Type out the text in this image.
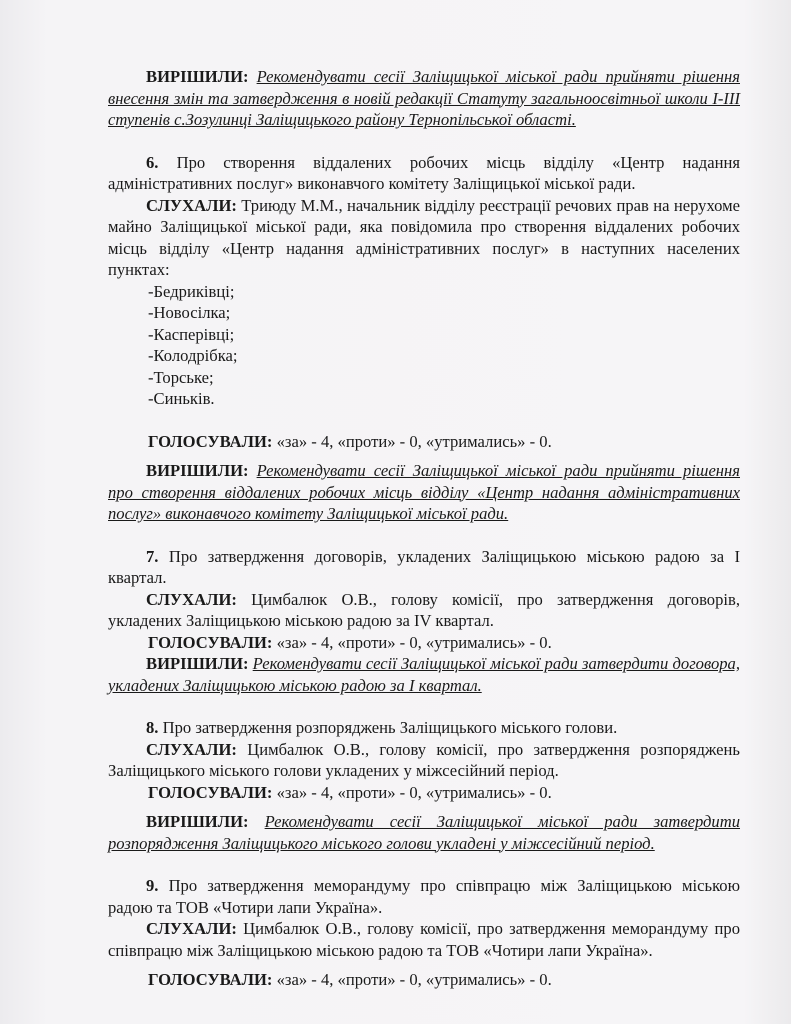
ВИРІШИЛИ: Рекомендувати сесії Заліщицької міської ради прийняти рішення внесення змін та затвердження в новій редакції Статуту загальноосвітньої школи І-ІІІ ступенів с.Зозулинці Заліщицького району Тернопільської області.

6. Про створення віддалених робочих місць відділу «Центр надання адміністративних послуг» виконавчого комітету Заліщицької міської ради.

СЛУХАЛИ: Триюду М.М., начальник відділу реєстрації речових прав на нерухоме майно Заліщицької міської ради, яка повідомила про створення віддалених робочих місць відділу «Центр надання адміністративних послуг» в наступних населених пунктах:

-Бедриківці;
-Новосілка;
-Касперівці;
-Колодрібка;
-Торське;
-Синьків.

ГОЛОСУВАЛИ: «за» - 4, «проти» - 0, «утримались» - 0.

ВИРІШИЛИ: Рекомендувати сесії Заліщицької міської ради прийняти рішення про створення віддалених робочих місць відділу «Центр надання адміністративних послуг» виконавчого комітету Заліщицької міської ради.

7. Про затвердження договорів, укладених Заліщицькою міською радою за І квартал.

СЛУХАЛИ: Цимбалюк О.В., голову комісії, про затвердження договорів, укладених Заліщицькою міською радою за IV квартал.

ГОЛОСУВАЛИ: «за» - 4, «проти» - 0, «утримались» - 0.

ВИРІШИЛИ: Рекомендувати сесії Заліщицької міської ради затвердити договора, укладених Заліщицькою міською радою за І квартал.

8. Про затвердження розпоряджень Заліщицького міського голови.

СЛУХАЛИ: Цимбалюк О.В., голову комісії, про затвердження розпоряджень Заліщицького міського голови укладених у міжсесійний період.

ГОЛОСУВАЛИ: «за» - 4, «проти» - 0, «утримались» - 0.

ВИРІШИЛИ: Рекомендувати сесії Заліщицької міської ради затвердити розпорядження Заліщицького міського голови укладені у міжсесійний період.

9. Про затвердження меморандуму про співпрацю між Заліщицькою міською радою та ТОВ «Чотири лапи Україна».

СЛУХАЛИ: Цимбалюк О.В., голову комісії, про затвердження меморандуму про співпрацю між Заліщицькою міською радою та ТОВ «Чотири лапи Україна».

ГОЛОСУВАЛИ: «за» - 4, «проти» - 0, «утримались» - 0.
